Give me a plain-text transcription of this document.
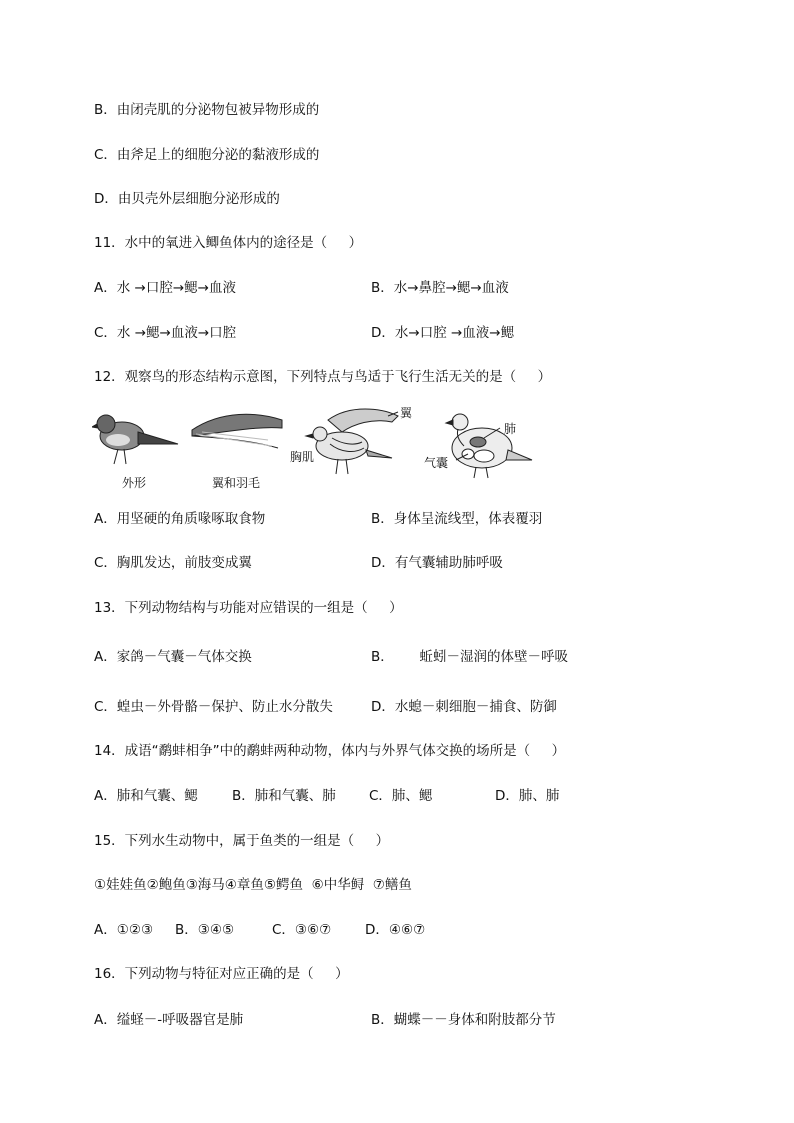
B．由闭壳肌的分泌物包被异物形成的
C．由斧足上的细胞分泌的黏液形成的
D．由贝壳外层细胞分泌形成的
11．水中的氧进入鲫鱼体内的途径是（     ）
A．水 →口腔→鳃→血液	B．水→鼻腔→鳃→血液
C．水 →鳃→血液→口腔	D．水→口腔 →血液→鳃
12．观察鸟的形态结构示意图，下列特点与鸟适于飞行生活无关的是（     ）
外形	翼和羽毛
翼
胸肌
肺
气囊
A．用坚硬的角质喙啄取食物	B．身体呈流线型，体表覆羽
C．胸肌发达，前肢变成翼	D．有气囊辅助肺呼吸
13．下列动物结构与功能对应错误的一组是（     ）
A．家鸽－气囊－气体交换	B．      蚯蚓－湿润的体壁－呼吸
C．蝗虫－外骨骼－保护、防止水分散失	D．水螅－刺细胞－捕食、防御
14．成语“鹬蚌相争”中的鹬蚌两种动物，体内与外界气体交换的场所是（     ）
A．肺和气囊、鳃	B．肺和气囊、肺 C．肺、鳃	D．肺、肺
15．下列水生动物中，属于鱼类的一组是（     ）
①娃娃鱼②鲍鱼③海马④章鱼⑤鳄鱼  ⑥中华鲟  ⑦鳝鱼
A．①②③ B．③④⑤	C．③⑥⑦	D．④⑥⑦
16．下列动物与特征对应正确的是（     ）
A．缢蛏－-呼吸器官是肺	B．蝴蝶－－身体和附肢都分节
